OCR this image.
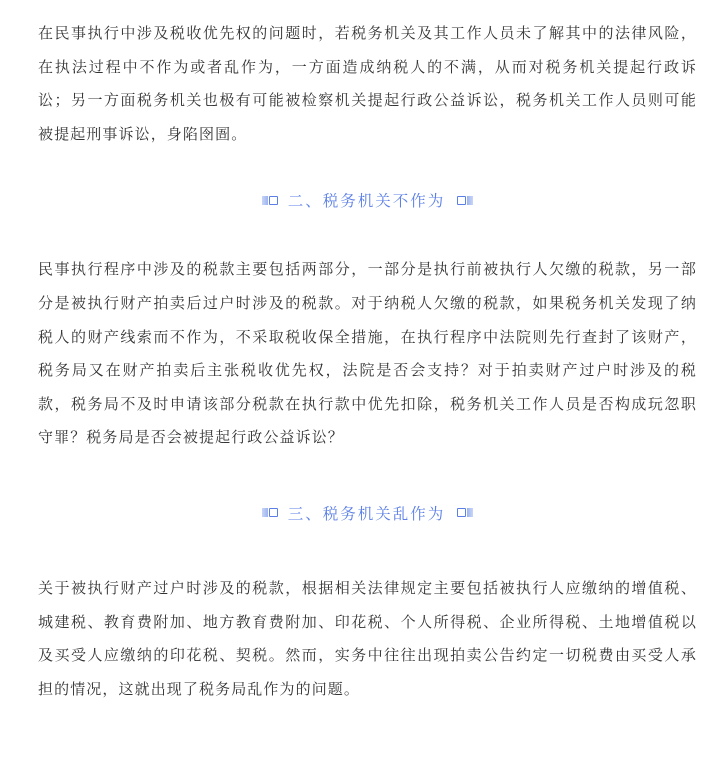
在民事执行中涉及税收优先权的问题时，若税务机关及其工作人员未了解其中的法律风险，在执法过程中不作为或者乱作为，一方面造成纳税人的不满，从而对税务机关提起行政诉讼；另一方面税务机关也极有可能被检察机关提起行政公益诉讼，税务机关工作人员则可能被提起刑事诉讼，身陷囹圄。

二、税务机关不作为

民事执行程序中涉及的税款主要包括两部分，一部分是执行前被执行人欠缴的税款，另一部分是被执行财产拍卖后过户时涉及的税款。对于纳税人欠缴的税款，如果税务机关发现了纳税人的财产线索而不作为，不采取税收保全措施，在执行程序中法院则先行查封了该财产，税务局又在财产拍卖后主张税收优先权，法院是否会支持？对于拍卖财产过户时涉及的税款，税务局不及时申请该部分税款在执行款中优先扣除，税务机关工作人员是否构成玩忽职守罪？税务局是否会被提起行政公益诉讼？

三、税务机关乱作为

关于被执行财产过户时涉及的税款，根据相关法律规定主要包括被执行人应缴纳的增值税、城建税、教育费附加、地方教育费附加、印花税、个人所得税、企业所得税、土地增值税以及买受人应缴纳的印花税、契税。然而，实务中往往出现拍卖公告约定一切税费由买受人承担的情况，这就出现了税务局乱作为的问题。
